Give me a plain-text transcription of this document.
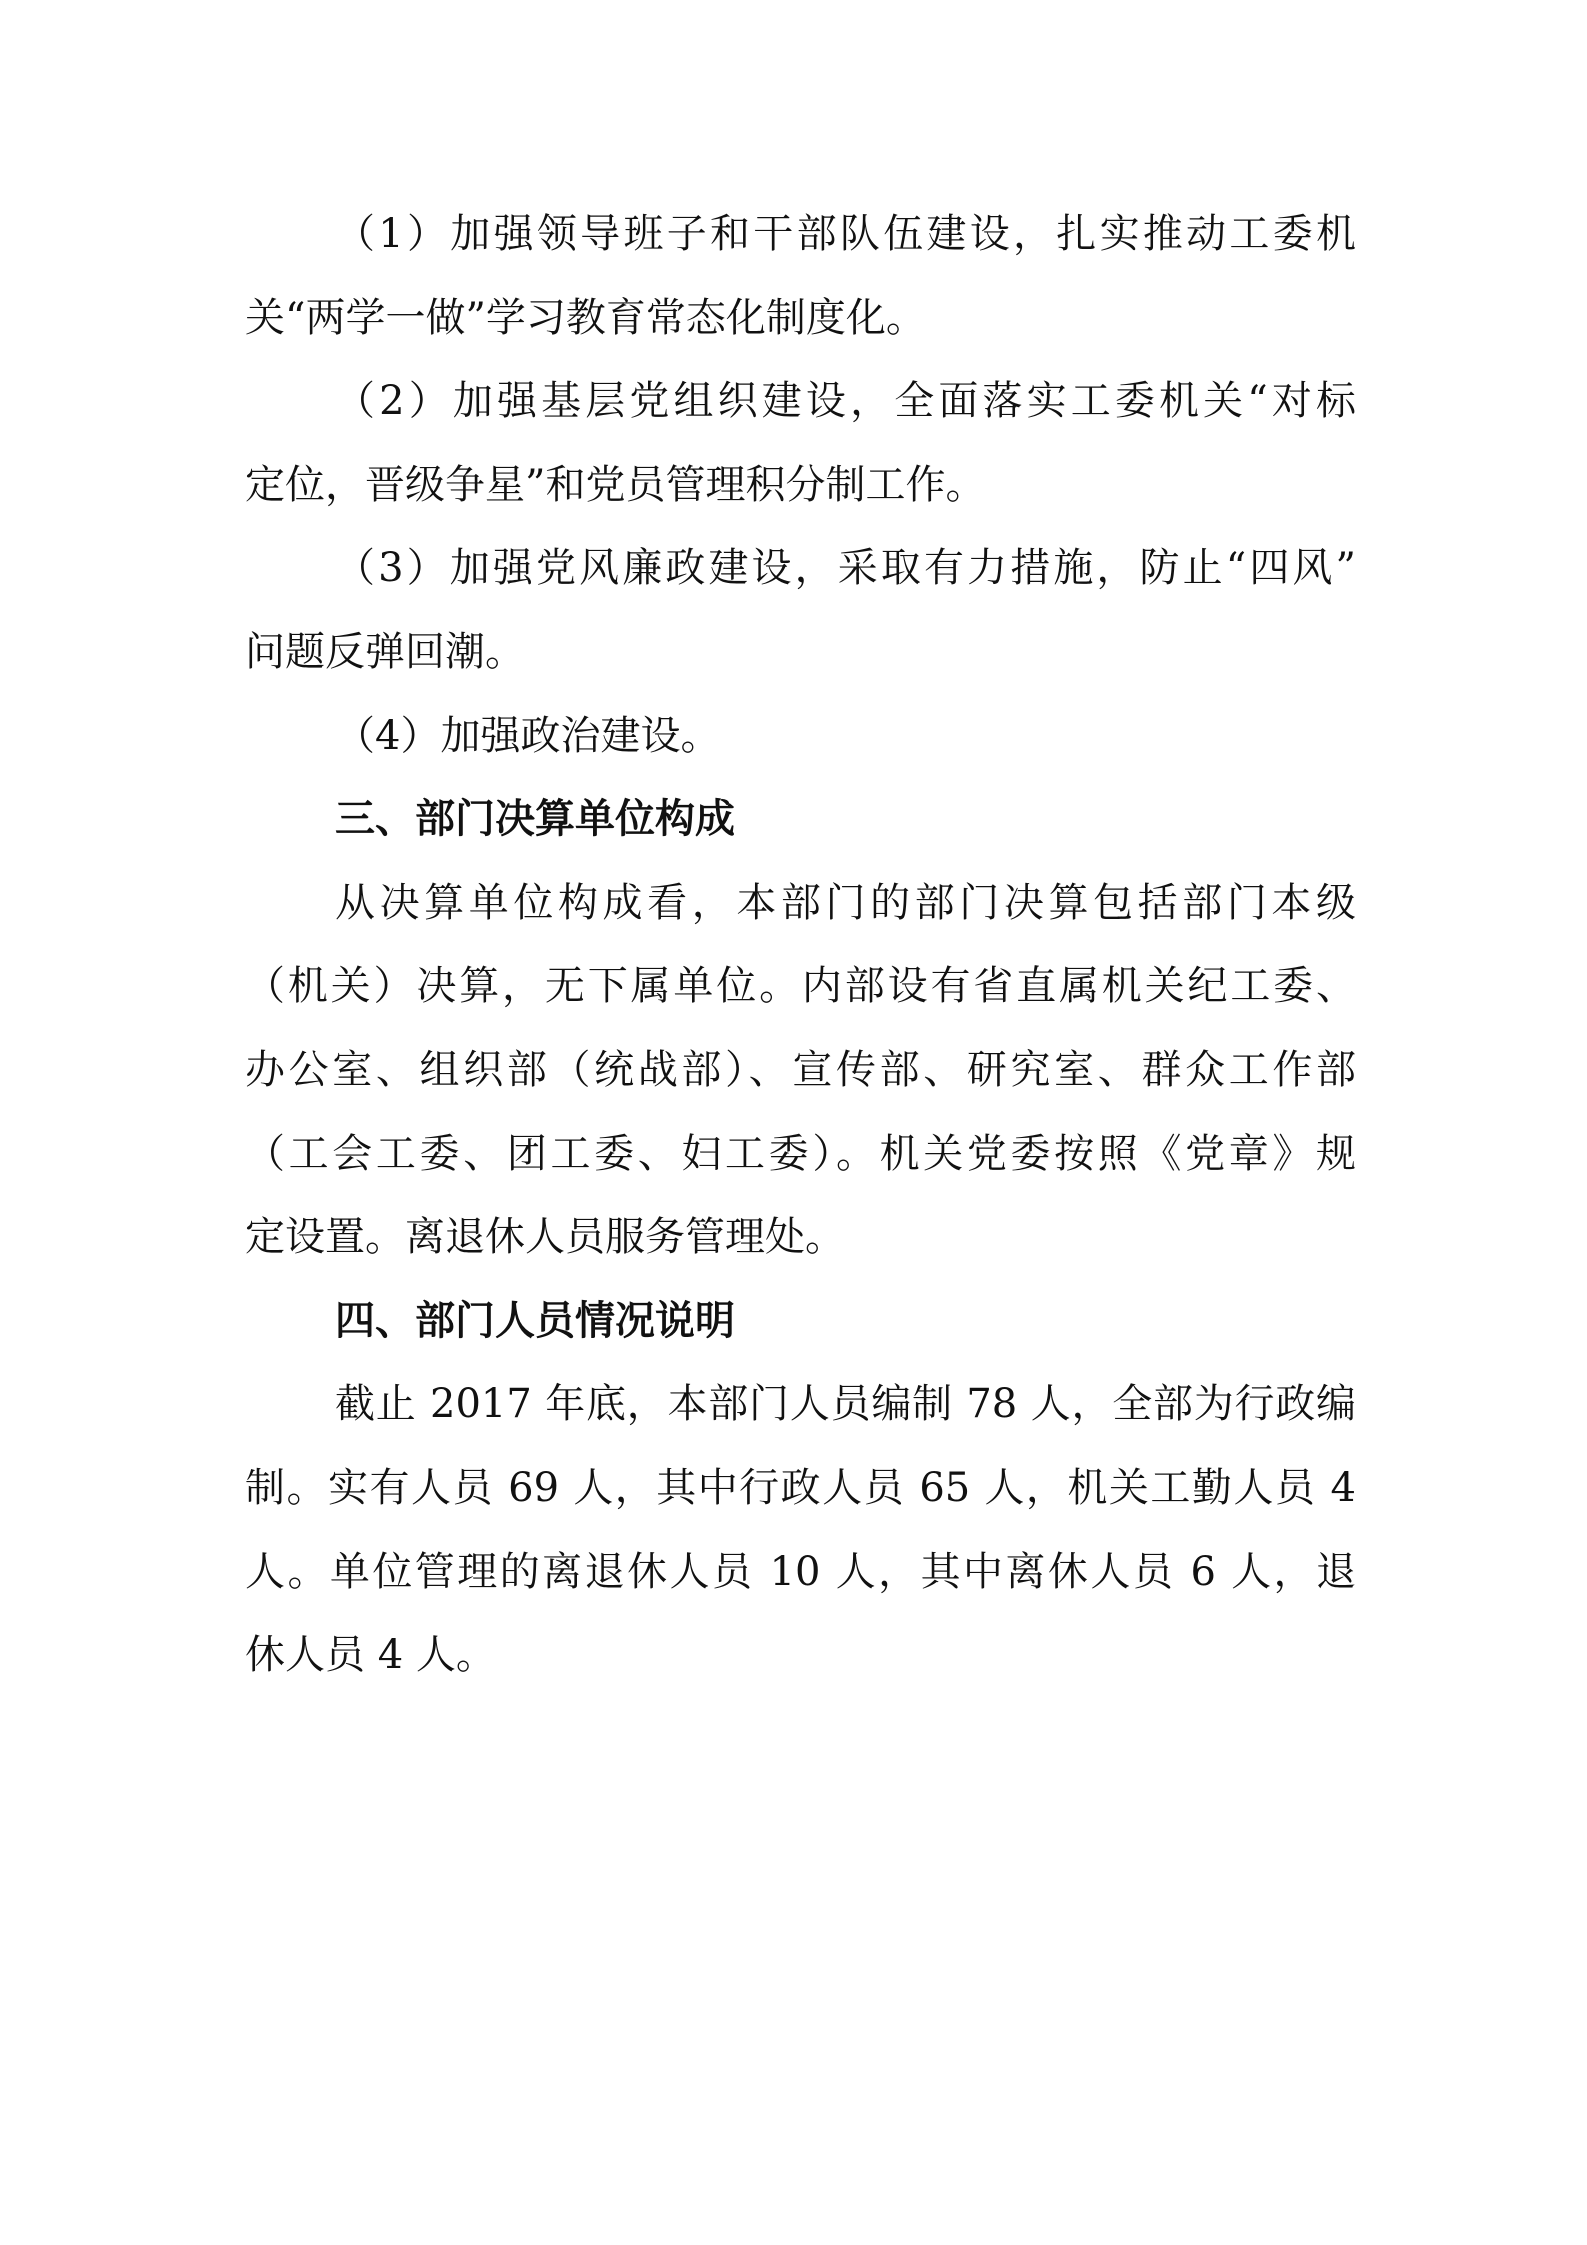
（1）加强领导班子和干部队伍建设，扎实推动工委机
关“两学一做”学习教育常态化制度化。
（2）加强基层党组织建设，全面落实工委机关“对标
定位，晋级争星”和党员管理积分制工作。
（3）加强党风廉政建设，采取有力措施，防止“四风”
问题反弹回潮。
（4）加强政治建设。
三、部门决算单位构成
从决算单位构成看，本部门的部门决算包括部门本级
（机关）决算，无下属单位。内部设有省直属机关纪工委、
办公室、组织部（统战部）、宣传部、研究室、群众工作部
（工会工委、团工委、妇工委）。机关党委按照《党章》规
定设置。离退休人员服务管理处。
四、部门人员情况说明
截止 2017 年底，本部门人员编制 78 人，全部为行政编
制。实有人员 69 人，其中行政人员 65 人，机关工勤人员 4
人。单位管理的离退休人员 10 人，其中离休人员 6 人，退
休人员 4 人。
